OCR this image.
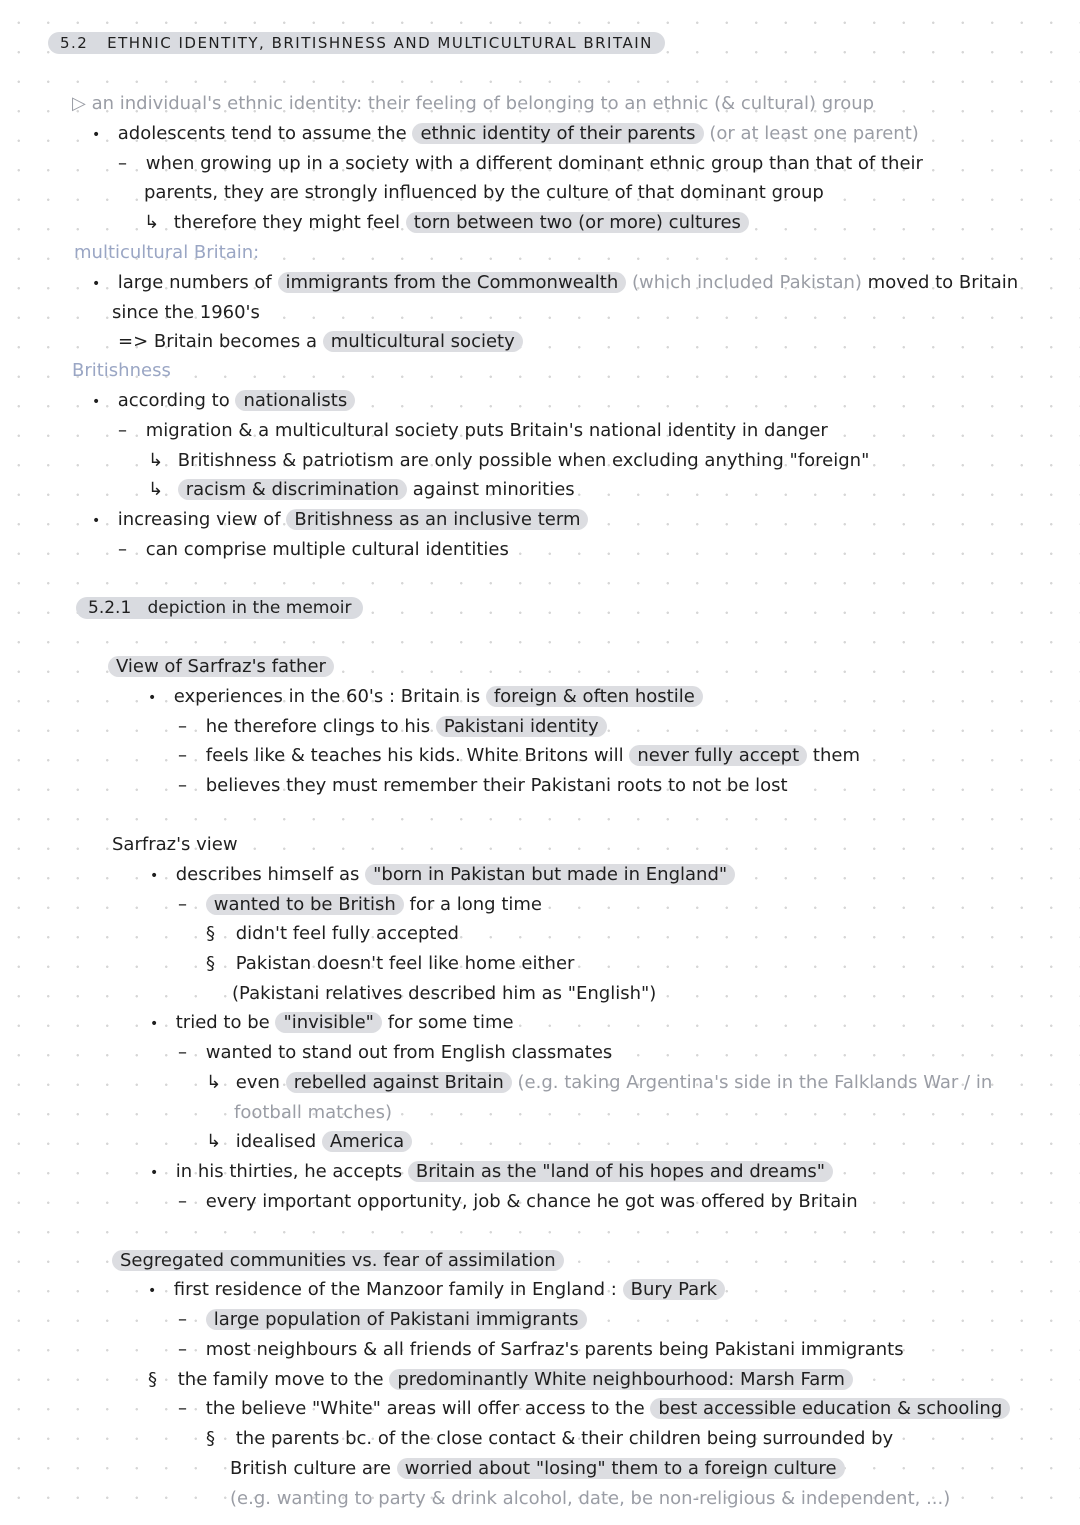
5.2 ETHNIC IDENTITY, BRITISHNESS AND MULTICULTURAL BRITAIN
▷ an individual's ethnic identity: their feeling of belonging to an ethnic (& cultural) group
• adolescents tend to assume the ethnic identity of their parents (or at least one parent)
– when growing up in a society with a different dominant ethnic group than that of their
parents, they are strongly influenced by the culture of that dominant group
↳ therefore they might feel torn between two (or more) cultures
multicultural Britain:
• large numbers of immigrants from the Commonwealth (which included Pakistan) moved to Britain
since the 1960's
=> Britain becomes a multicultural society
Britishness
• according to nationalists
– migration & a multicultural society puts Britain's national identity in danger
↳ Britishness & patriotism are only possible when excluding anything "foreign"
↳ racism & discrimination against minorities
• increasing view of Britishness as an inclusive term
– can comprise multiple cultural identities
5.2.1 depiction in the memoir
View of Sarfraz's father
• experiences in the 60's : Britain is foreign & often hostile
– he therefore clings to his Pakistani identity
– feels like & teaches his kids. White Britons will never fully accept them
– believes they must remember their Pakistani roots to not be lost
Sarfraz's view
• describes himself as "born in Pakistan but made in England"
– wanted to be British for a long time
§ didn't feel fully accepted
§ Pakistan doesn't feel like home either
(Pakistani relatives described him as "English")
• tried to be "invisible" for some time
– wanted to stand out from English classmates
↳ even rebelled against Britain (e.g. taking Argentina's side in the Falklands War / in
football matches)
↳ idealised America
• in his thirties, he accepts Britain as the "land of his hopes and dreams"
– every important opportunity, job & chance he got was offered by Britain
Segregated communities vs. fear of assimilation
• first residence of the Manzoor family in England : Bury Park
– large population of Pakistani immigrants
– most neighbours & all friends of Sarfraz's parents being Pakistani immigrants
§ the family move to the predominantly White neighbourhood: Marsh Farm
– the believe "White" areas will offer access to the best accessible education & schooling
§ the parents bc. of the close contact & their children being surrounded by
British culture are worried about "losing" them to a foreign culture
(e.g. wanting to party & drink alcohol, date, be non-religious & independent, ...)
